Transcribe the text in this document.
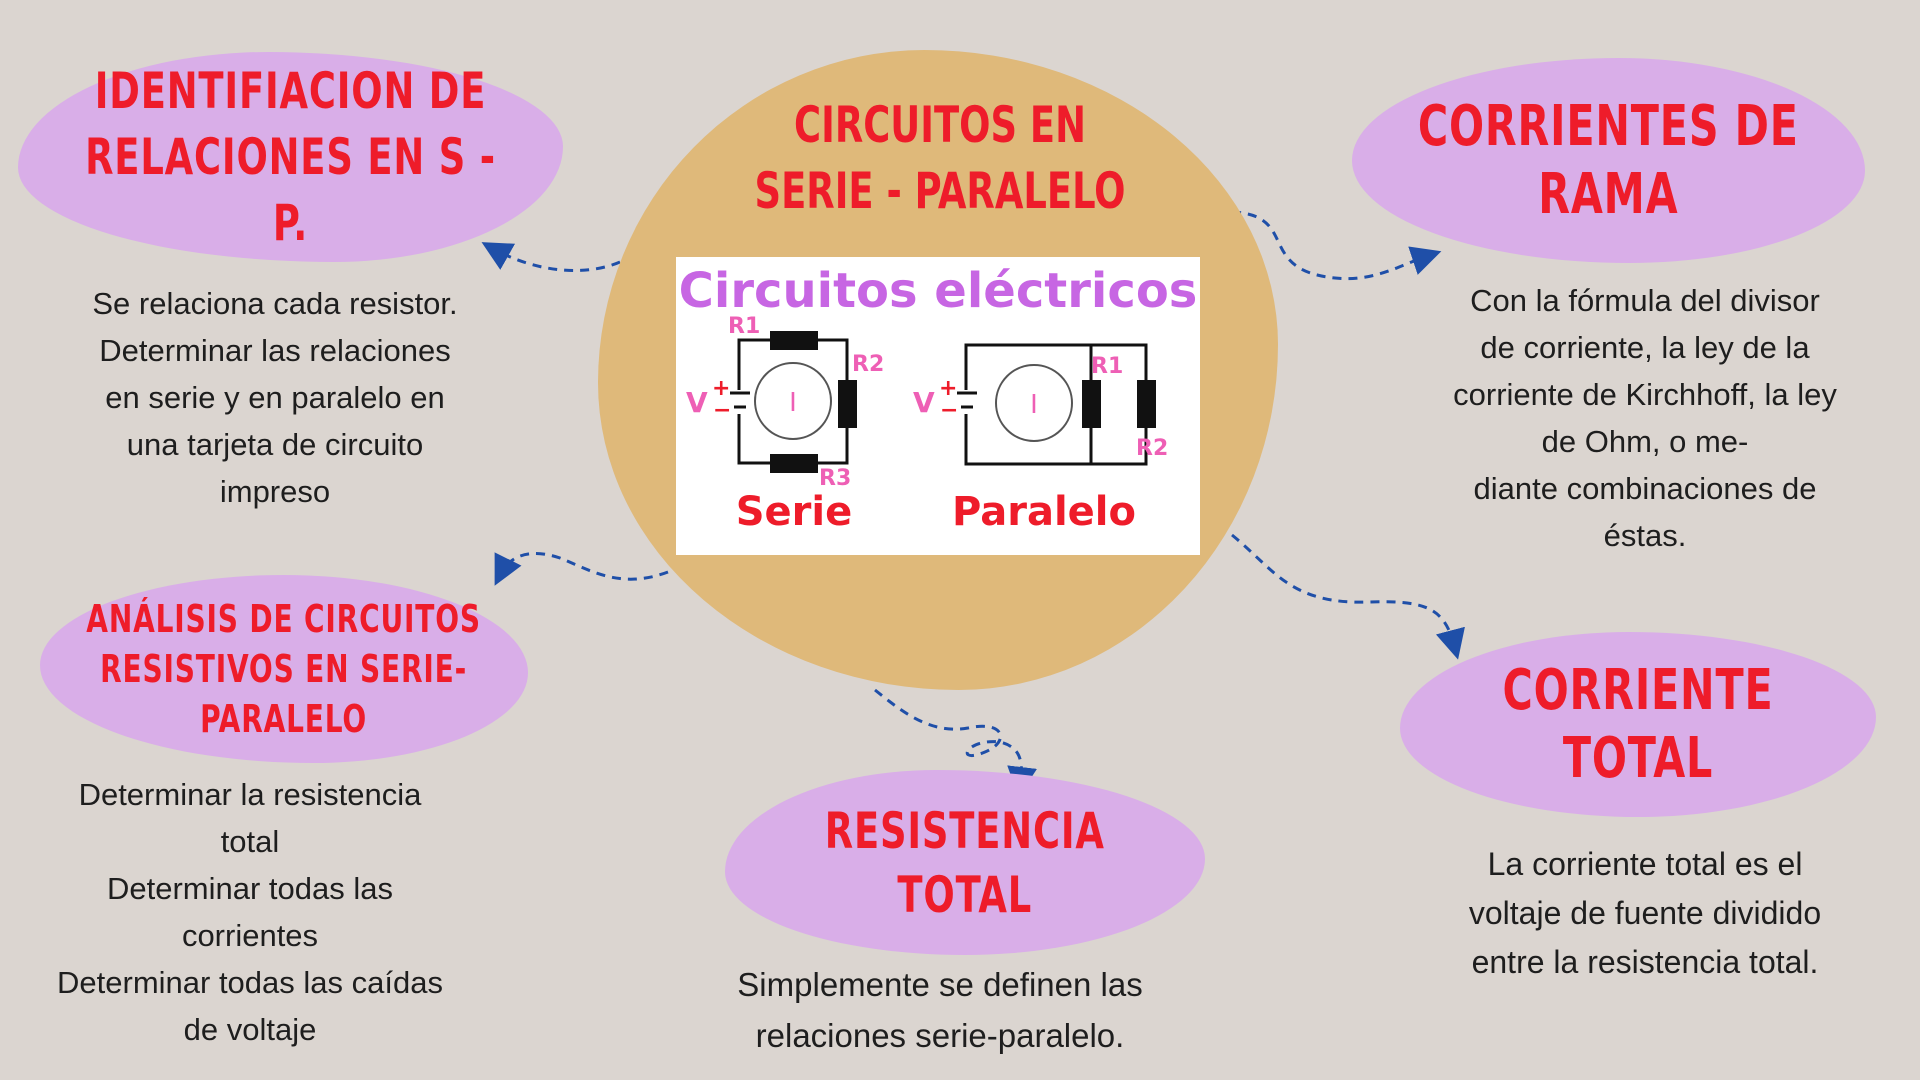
CIRCUITOS EN
SERIE - PARALELO
Circuitos eléctricos
I
V +
−
R1
R2
R3
Serie
I
V +
−
R1
R2
Paralelo
IDENTIFIACION DE
RELACIONES EN S - P.
Se relaciona cada resistor.
Determinar las relaciones
en serie y en paralelo en
una tarjeta de circuito
impreso
ANÁLISIS DE CIRCUITOS
RESISTIVOS EN SERIE-
PARALELO
Determinar la resistencia
total
Determinar todas las
corrientes
Determinar todas las caídas
de voltaje
RESISTENCIA
TOTAL
Simplemente se definen las
relaciones serie-paralelo.
CORRIENTES DE
RAMA
Con la fórmula del divisor
de corriente, la ley de la
corriente de Kirchhoff, la ley
de Ohm, o me-
diante combinaciones de
éstas.
CORRIENTE TOTAL
La corriente total es el
voltaje de fuente dividido
entre la resistencia total.
